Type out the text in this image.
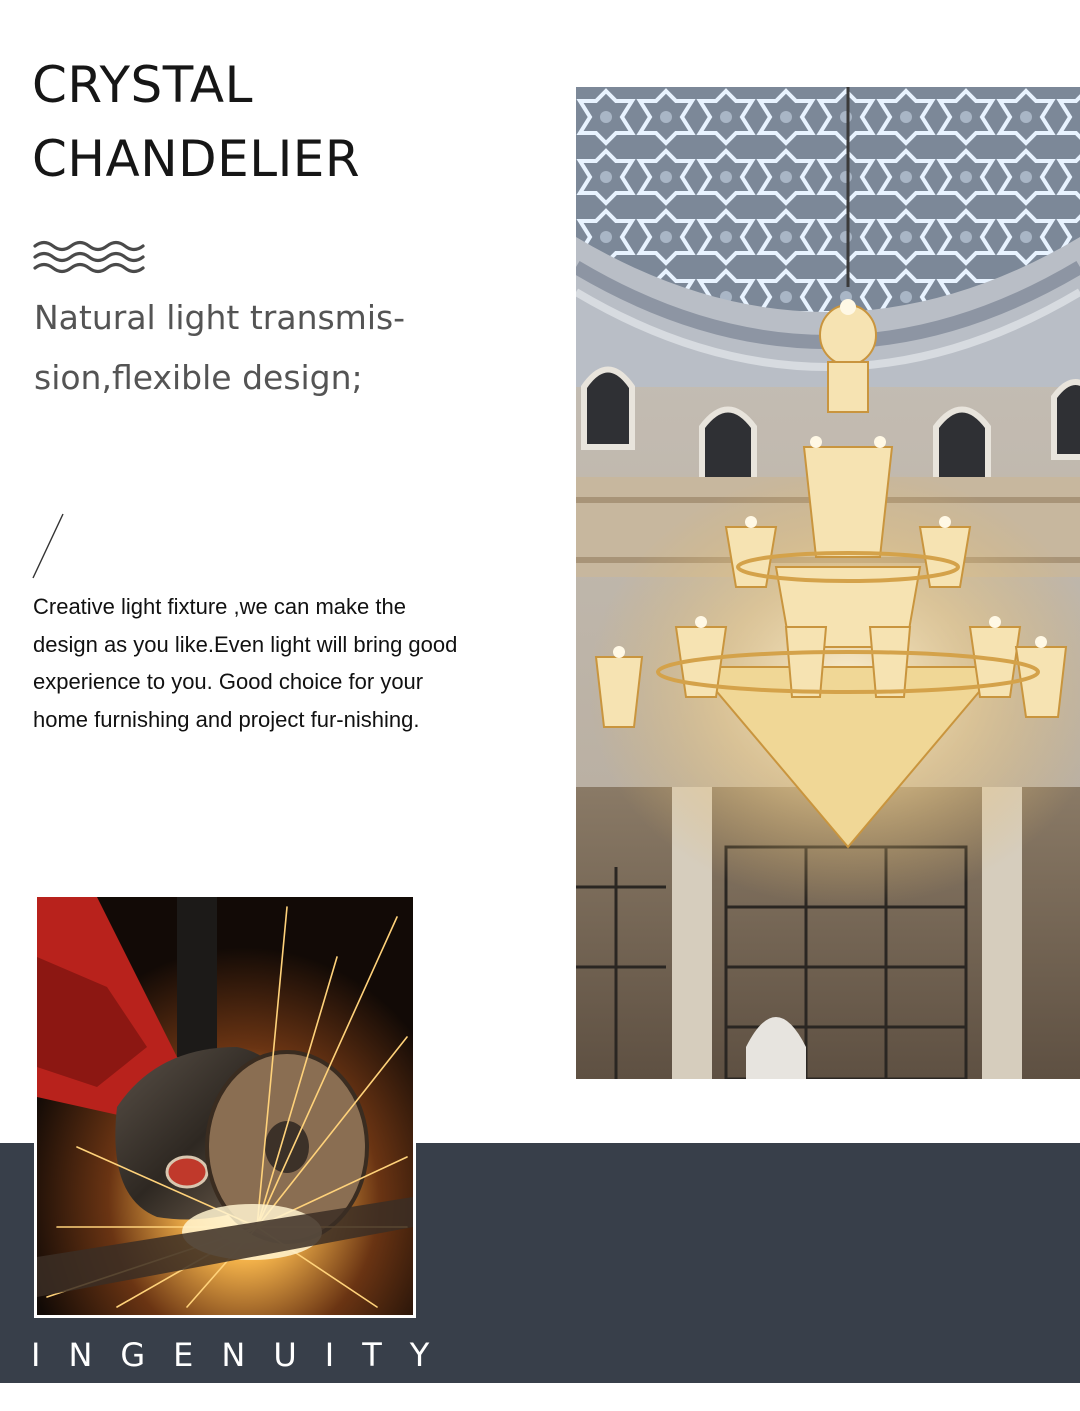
CRYSTAL
CHANDELIER

Natural light transmis-sion,flexible design;

Creative light fixture ,we can make the design as you like.Even light will bring good experience to you. Good choice for your home furnishing and project fur-nishing.

INGENUITY
